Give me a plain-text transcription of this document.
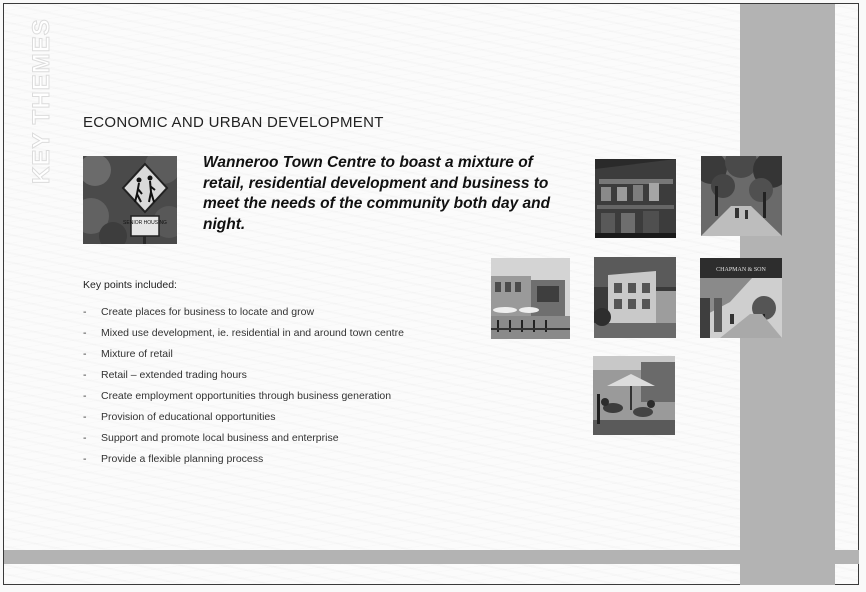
KEY THEMES ECONOMIC AND URBAN DEVELOPMENT
SENIOR HOUSING
Wanneroo Town Centre to boast a mixture of retail, residential development and business to meet the needs of the community both day and night.
Key points included:
- Create places for business to locate and grow
- Mixed use development, ie. residential in and around town centre
- Mixture of retail
- Retail – extended trading hours
- Create employment opportunities through business generation
- Provision of educational opportunities
- Support and promote local business and enterprise
- Provide a flexible planning process
CHAPMAN & SON
